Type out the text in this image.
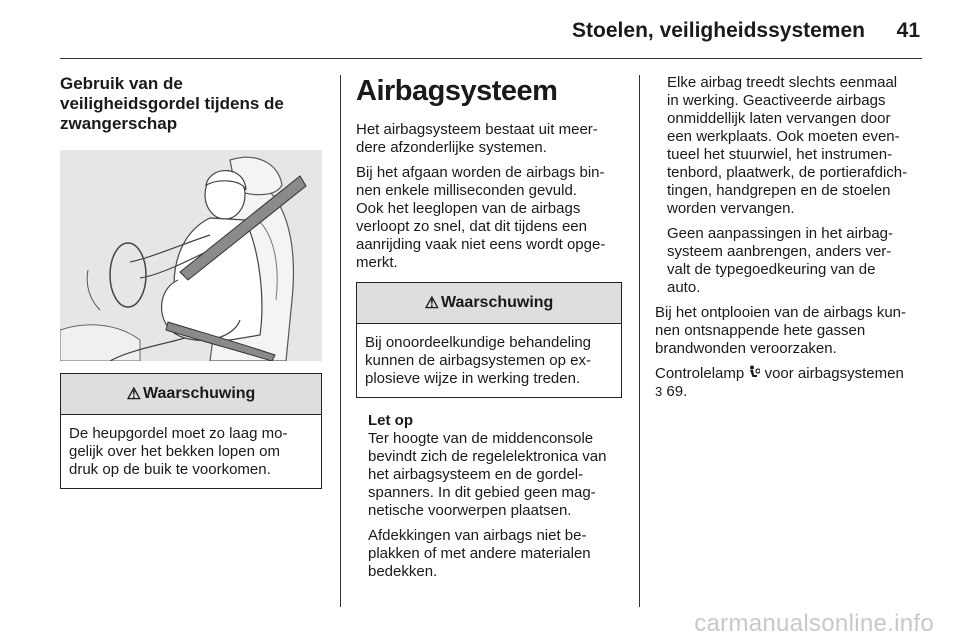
Stoelen, veiligheidssystemen 41
Gebruik van de
veiligheidsgordel tijdens de
zwangerschap
⚠ Waarschuwing
De heupgordel moet zo laag mo-
gelijk over het bekken lopen om
druk op de buik te voorkomen.
Airbagsysteem

Het airbagsysteem bestaat uit meer-
dere afzonderlijke systemen.

Bij het afgaan worden de airbags bin-
nen enkele milliseconden gevuld.
Ook het leeglopen van de airbags
verloopt zo snel, dat dit tijdens een
aanrijding vaak niet eens wordt opge-
merkt.

⚠ Waarschuwing
Bij onoordeelkundige behandeling
kunnen de airbagsystemen op ex-
plosieve wijze in werking treden.
Let op

Ter hoogte van de middenconsole
bevindt zich de regelelektronica van
het airbagsysteem en de gordel-
spanners. In dit gebied geen mag-
netische voorwerpen plaatsen.

Afdekkingen van airbags niet be-
plakken of met andere materialen
bedekken.

Elke airbag treedt slechts eenmaal
in werking. Geactiveerde airbags
onmiddellijk laten vervangen door
een werkplaats. Ook moeten even-
tueel het stuurwiel, het instrumen-
tenbord, plaatwerk, de portierafdich-
tingen, handgrepen en de stoelen
worden vervangen.

Geen aanpassingen in het airbag-
systeem aanbrengen, anders ver-
valt de typegoedkeuring van de
auto.

Bij het ontplooien van de airbags kun-
nen ontsnappende hete gassen
brandwonden veroorzaken.

Controlelamp voor airbagsystemen
3 69.

carmanualsonline.info
